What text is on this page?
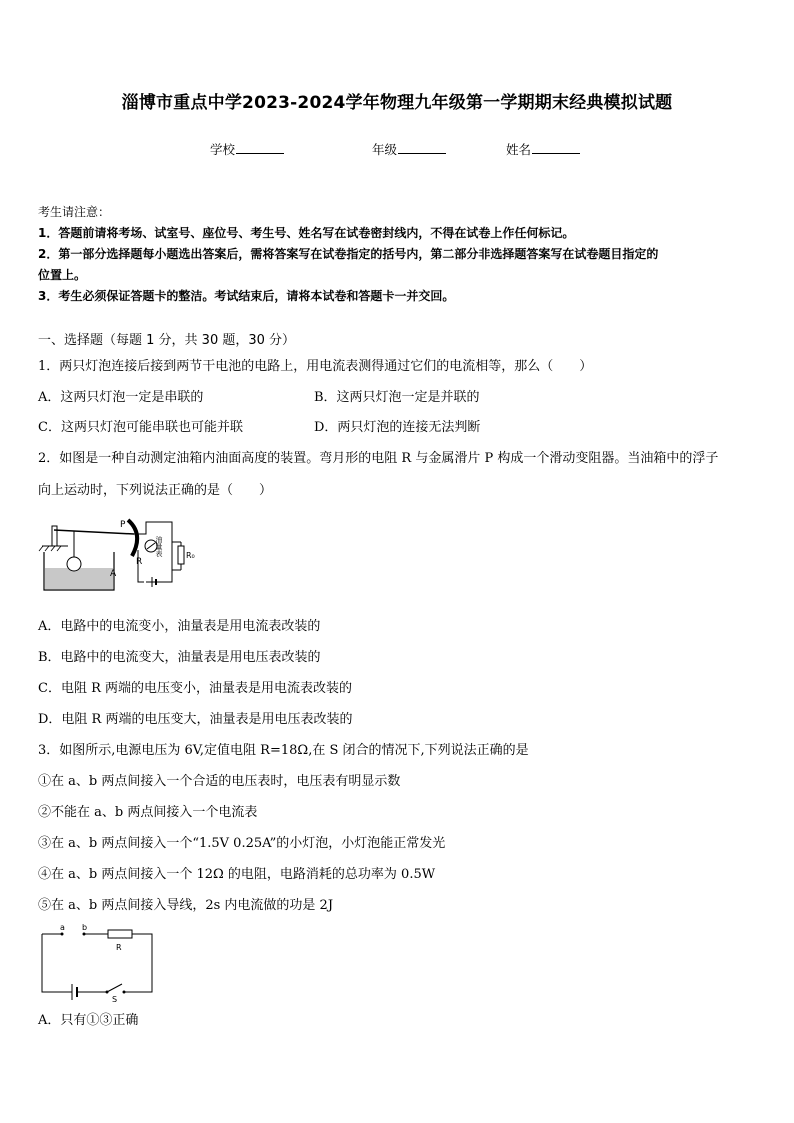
淄博市重点中学2023-2024学年物理九年级第一学期期末经典模拟试题
学校	年级	姓名
考生请注意：
1．答题前请将考场、试室号、座位号、考生号、姓名写在试卷密封线内，不得在试卷上作任何标记。
2．第一部分选择题每小题选出答案后，需将答案写在试卷指定的括号内，第二部分非选择题答案写在试卷题目指定的
位置上。
3．考生必须保证答题卡的整洁。考试结束后，请将本试卷和答题卡一并交回。
一、选择题（每题 1 分，共 30 题，30 分）
1．两只灯泡连接后接到两节干电池的电路上，用电流表测得通过它们的电流相等，那么（　　）
A．这两只灯泡一定是串联的	B．这两只灯泡一定是并联的
C．这两只灯泡可能串联也可能并联	D．两只灯泡的连接无法判断
2．如图是一种自动测定油箱内油面高度的装置。弯月形的电阻 R 与金属滑片 P 构成一个滑动变阻器。当油箱中的浮子
向上运动时，下列说法正确的是（　　）
P
R
油量表	R₀
A
A．电路中的电流变小，油量表是用电流表改装的
B．电路中的电流变大，油量表是用电压表改装的
C．电阻 R 两端的电压变小，油量表是用电流表改装的
D．电阻 R 两端的电压变大，油量表是用电压表改装的
3．如图所示,电源电压为 6V,定值电阻 R=18Ω,在 S 闭合的情况下,下列说法正确的是
①在 a、b 两点间接入一个合适的电压表时，电压表有明显示数
②不能在 a、b 两点间接入一个电流表
③在 a、b 两点间接入一个“1.5V 0.25A”的小灯泡，小灯泡能正常发光
④在 a、b 两点间接入一个 12Ω 的电阻，电路消耗的总功率为 0.5W
⑤在 a、b 两点间接入导线，2s 内电流做的功是 2J
a b
R
S
A．只有①③正确
